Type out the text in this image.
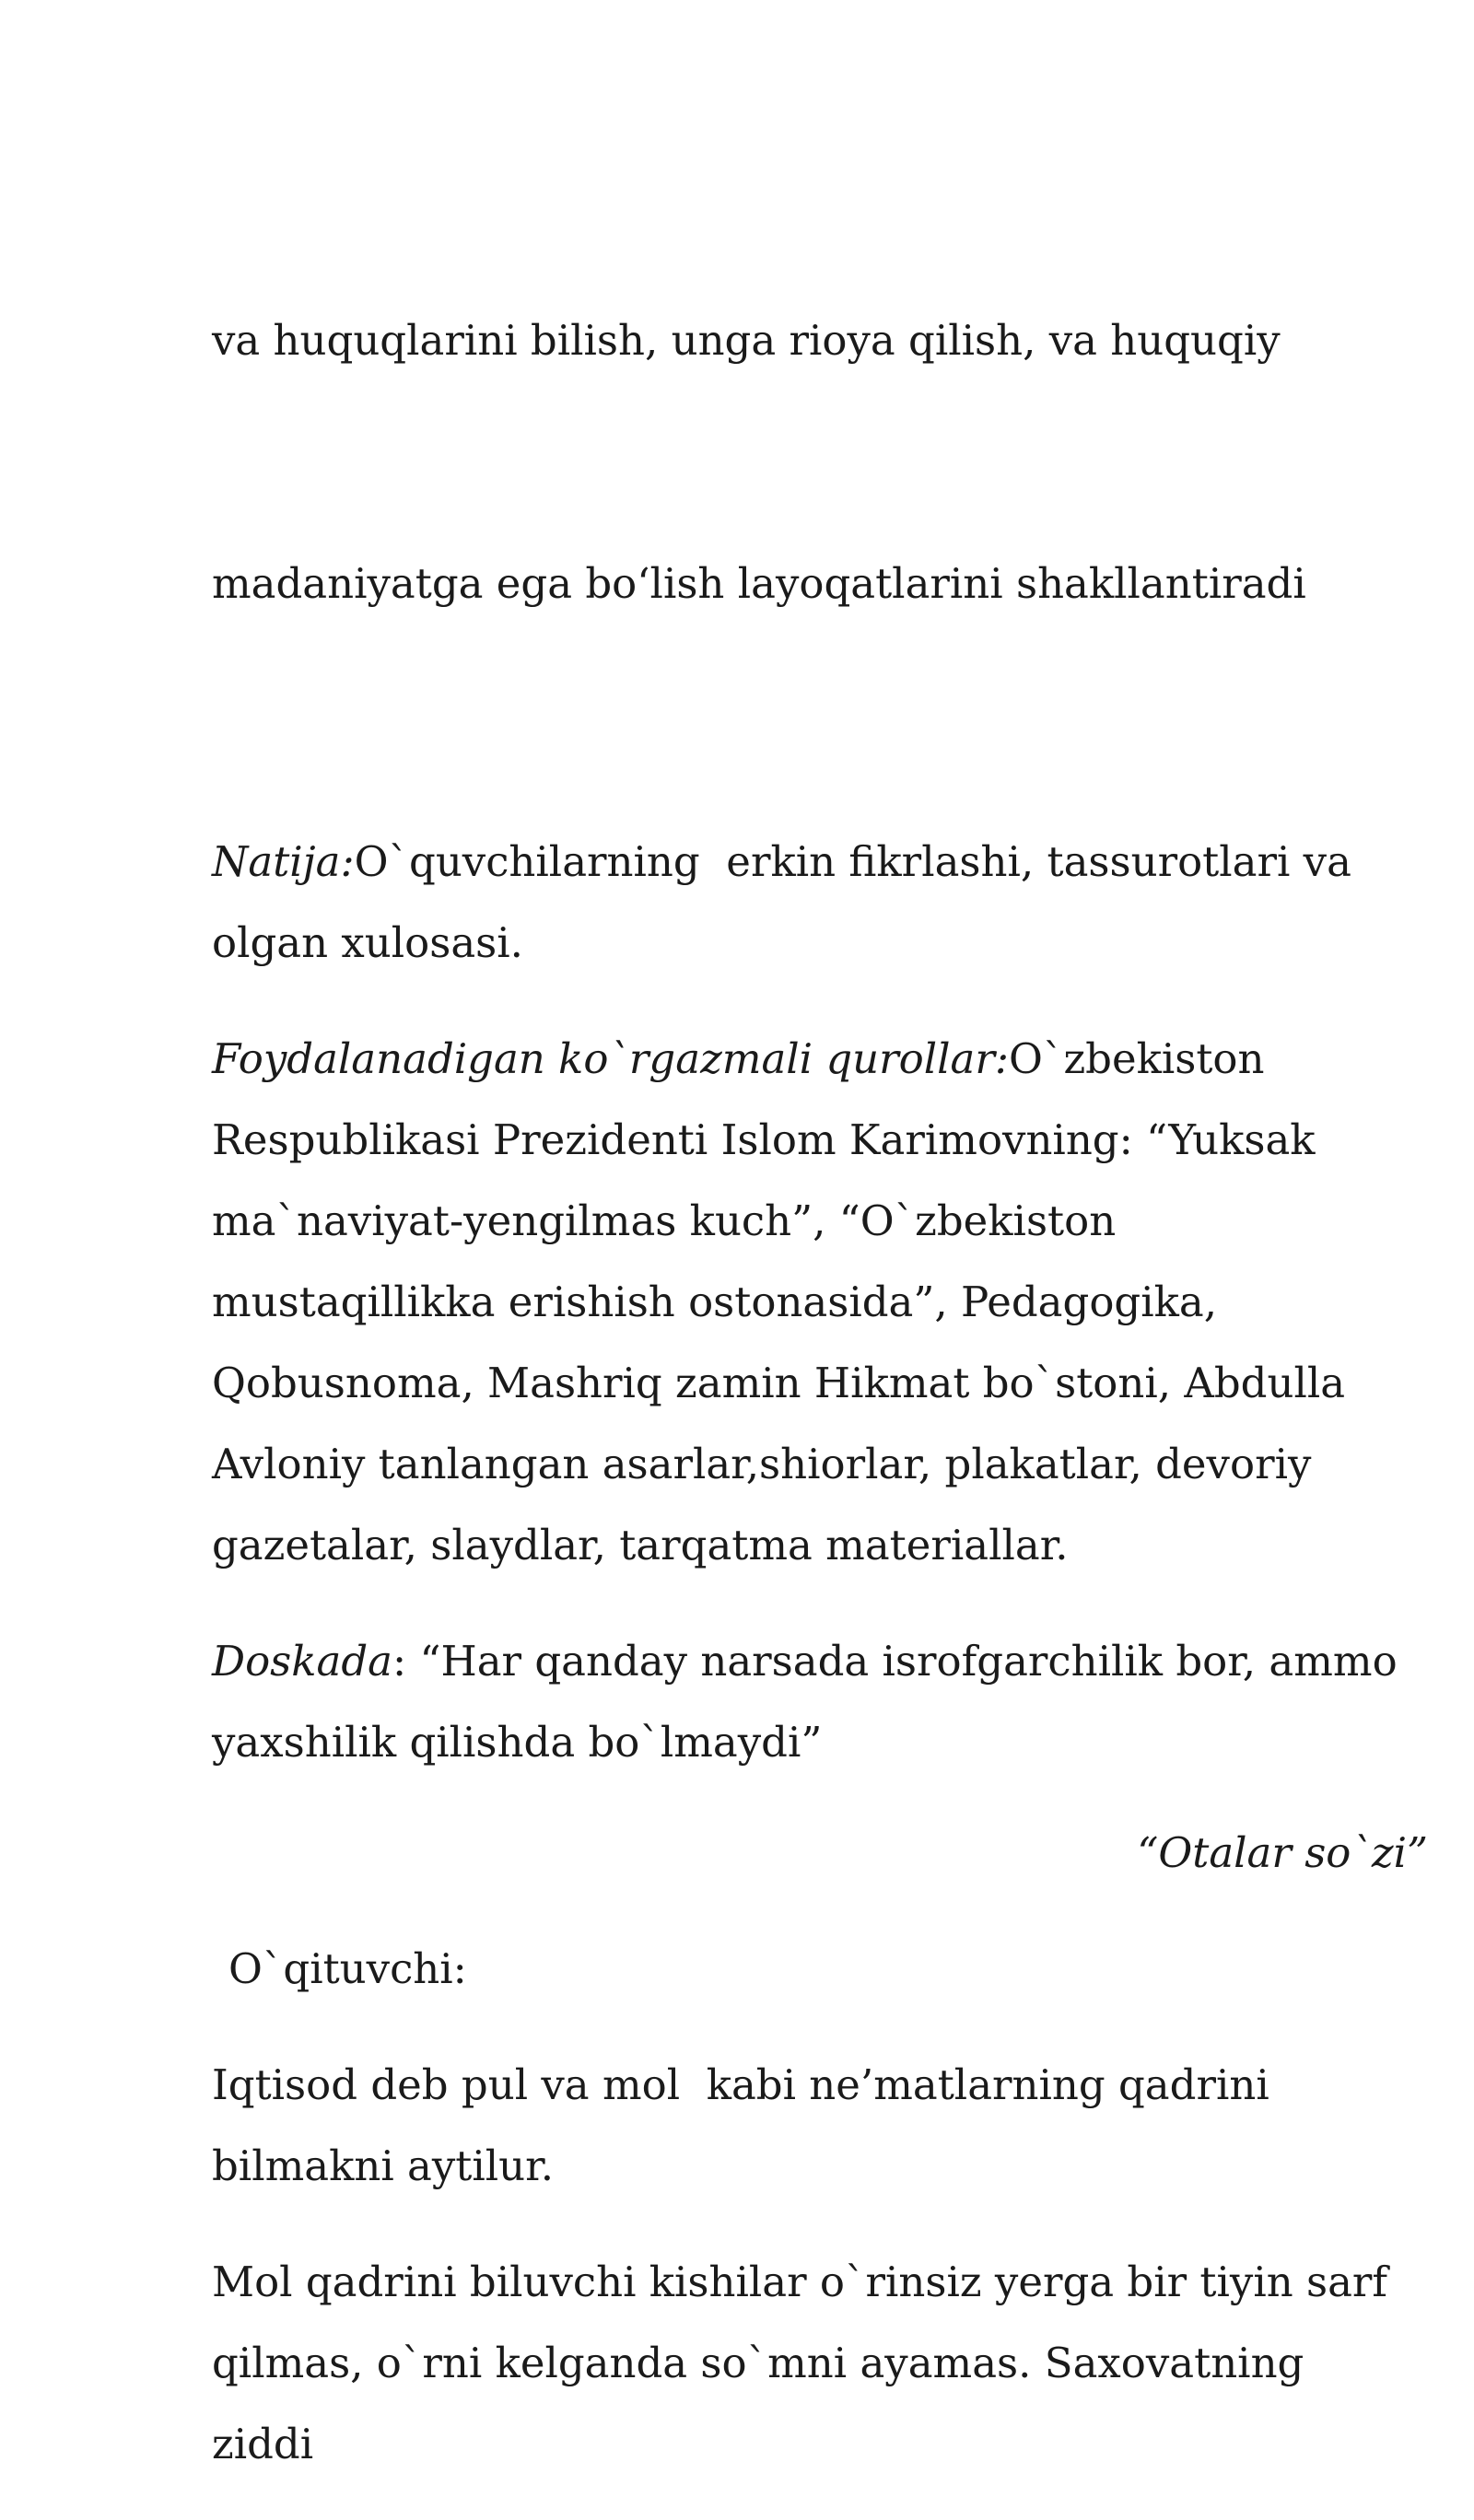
va huquqlarini bilish, unga rioya qilish, va huquqiy

madaniyatga ega bo‘lish layoqatlarini shakllantiradi

Natija:O`quvchilarning  erkin fikrlashi, tassurotlari va olgan xulosasi.

Foydalanadigan ko`rgazmali qurollar:O`zbekiston Respublikasi Prezidenti Islom Karimovning: “Yuksak ma`naviyat-yengilmas kuch”, “O`zbekiston mustaqillikka erishish ostonasida”, Pedagogika, Qobusnoma, Mashriq zamin Hikmat bo`stoni, Abdulla Avloniy tanlangan asarlar,shiorlar, plakatlar, devoriy gazetalar, slaydlar, tarqatma materiallar.

Doskada: “Har qanday narsada isrofgarchilik bor, ammo yaxshilik qilishda bo`lmaydi”

“Otalar so`zi”

O`qituvchi:

Iqtisod deb pul va mol  kabi ne’matlarning qadrini bilmakni aytilur.

Mol qadrini biluvchi kishilar o`rinsiz yerga bir tiyin sarf qilmas, o`rni kelganda so`mni ayamas. Saxovatning  ziddi
